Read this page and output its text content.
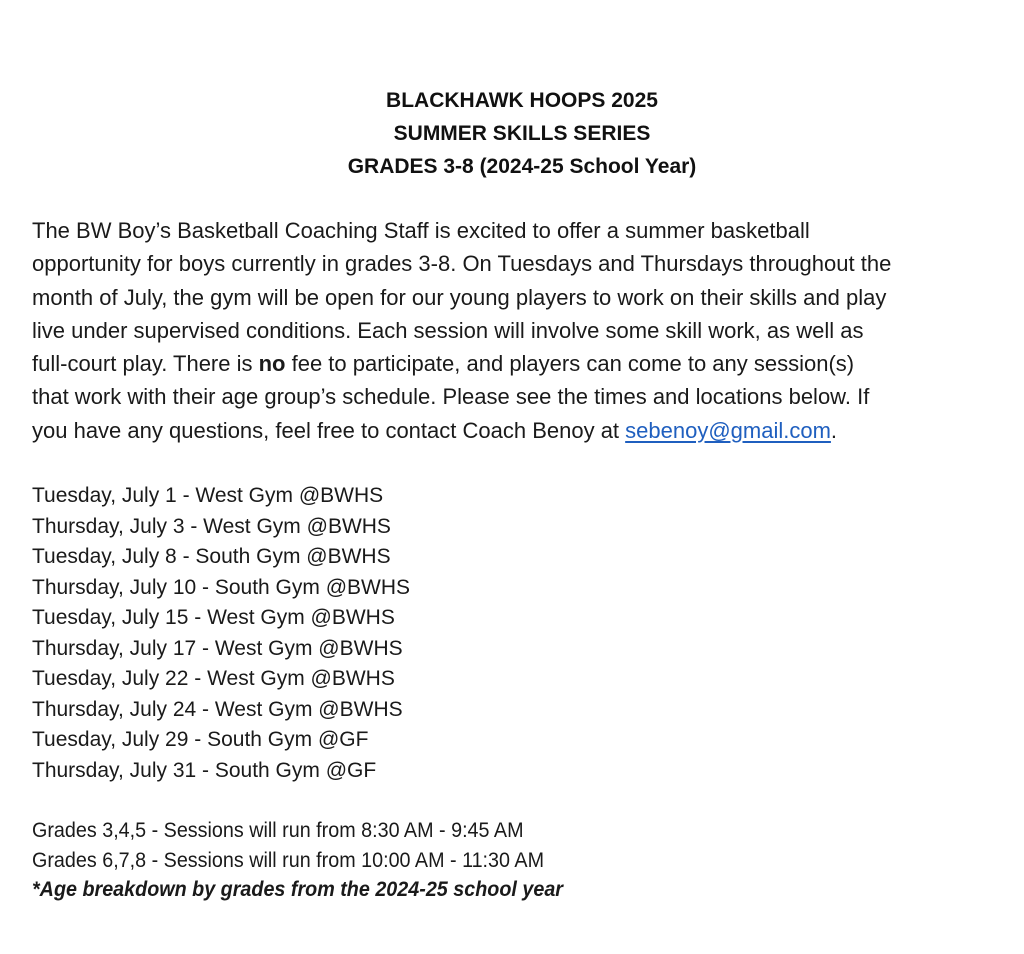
BLACKHAWK HOOPS 2025
SUMMER SKILLS SERIES
GRADES 3-8 (2024-25 School Year)
The BW Boy’s Basketball Coaching Staff is excited to offer a summer basketball
opportunity for boys currently in grades 3-8. On Tuesdays and Thursdays throughout the
month of July, the gym will be open for our young players to work on their skills and play
live under supervised conditions. Each session will involve some skill work, as well as
full-court play. There is no fee to participate, and players can come to any session(s)
that work with their age group’s schedule. Please see the times and locations below. If
you have any questions, feel free to contact Coach Benoy at sebenoy@gmail.com.
Tuesday, July 1 - West Gym @BWHS
Thursday, July 3 - West Gym @BWHS
Tuesday, July 8 - South Gym @BWHS
Thursday, July 10 - South Gym @BWHS
Tuesday, July 15 - West Gym @BWHS
Thursday, July 17 - West Gym @BWHS
Tuesday, July 22 - West Gym @BWHS
Thursday, July 24 - West Gym @BWHS
Tuesday, July 29 - South Gym @GF
Thursday, July 31 - South Gym @GF
Grades 3,4,5 - Sessions will run from 8:30 AM - 9:45 AM
Grades 6,7,8 - Sessions will run from 10:00 AM - 11:30 AM
*Age breakdown by grades from the 2024-25 school year
